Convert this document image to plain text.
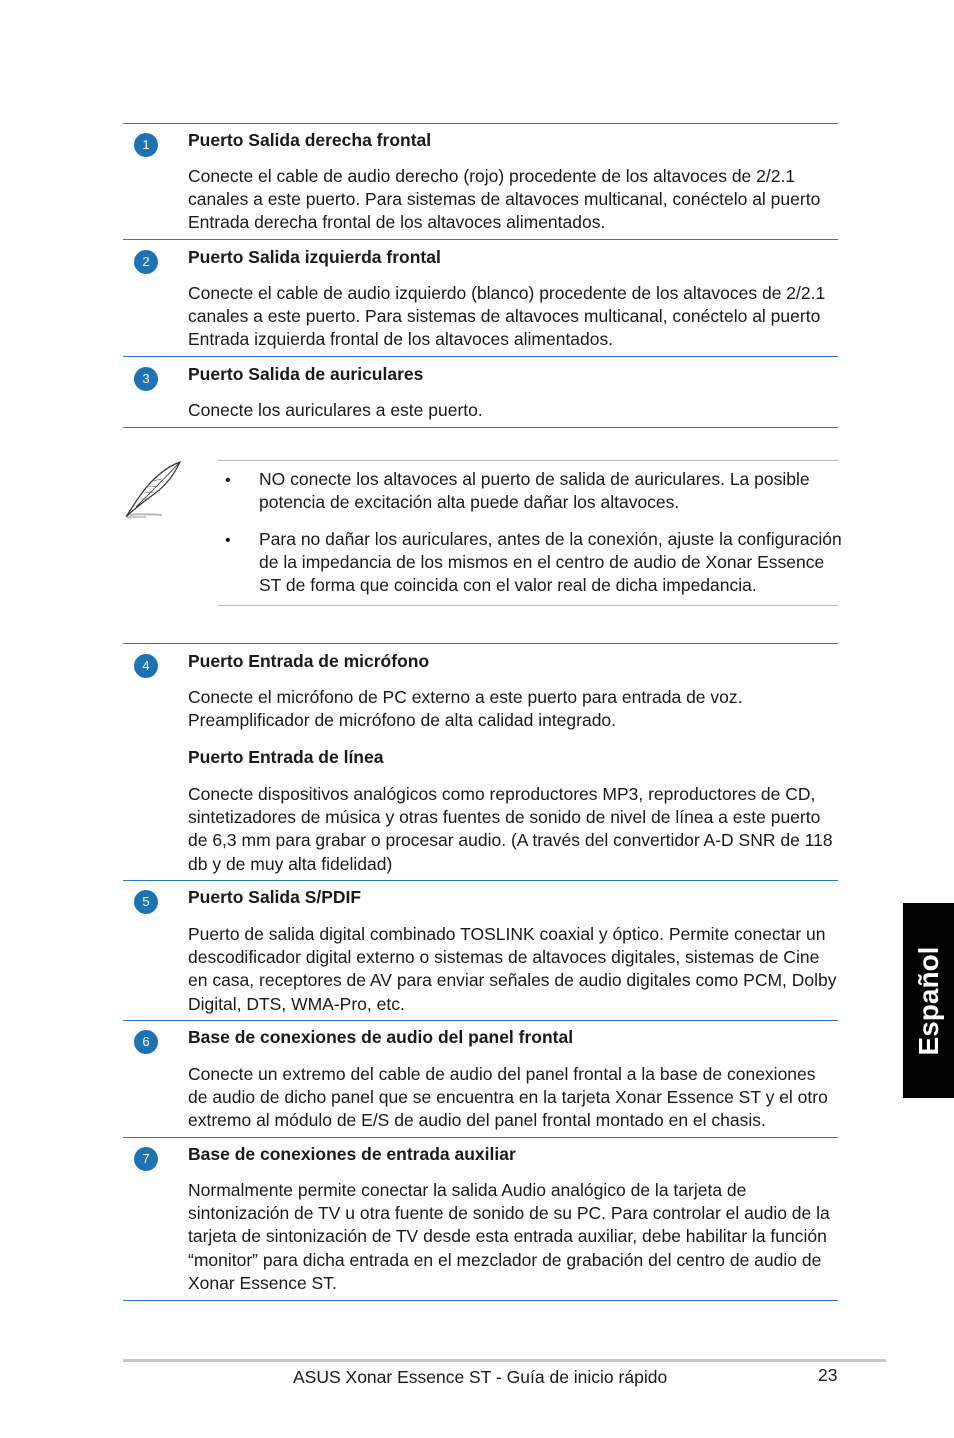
1	Puerto Salida derecha frontal
Conecte el cable de audio derecho (rojo) procedente de los altavoces de 2/2.1 canales a este puerto. Para sistemas de altavoces multicanal, conéctelo al puerto Entrada derecha frontal de los altavoces alimentados.
2	Puerto Salida izquierda frontal
Conecte el cable de audio izquierdo (blanco) procedente de los altavoces de 2/2.1 canales a este puerto. Para sistemas de altavoces multicanal, conéctelo al puerto Entrada izquierda frontal de los altavoces alimentados.
3	Puerto Salida de auriculares
Conecte los auriculares a este puerto.
• NO conecte los altavoces al puerto de salida de auriculares. La posible potencia de excitación alta puede dañar los altavoces.
• Para no dañar los auriculares, antes de la conexión, ajuste la configuración de la impedancia de los mismos en el centro de audio de Xonar Essence ST de forma que coincida con el valor real de dicha impedancia.
4	Puerto Entrada de micrófono
Conecte el micrófono de PC externo a este puerto para entrada de voz. Preamplificador de micrófono de alta calidad integrado.
Puerto Entrada de línea
Conecte dispositivos analógicos como reproductores MP3, reproductores de CD, sintetizadores de música y otras fuentes de sonido de nivel de línea a este puerto de 6,3 mm para grabar o procesar audio. (A través del convertidor A-D SNR de 118 db y de muy alta fidelidad)
5	Puerto Salida S/PDIF
Puerto de salida digital combinado TOSLINK coaxial y óptico. Permite conectar un descodificador digital externo o sistemas de altavoces digitales, sistemas de Cine en casa, receptores de AV para enviar señales de audio digitales como PCM, Dolby Digital, DTS, WMA-Pro, etc.
6	Base de conexiones de audio del panel frontal
Conecte un extremo del cable de audio del panel frontal a la base de conexiones de audio de dicho panel que se encuentra en la tarjeta Xonar Essence ST y el otro extremo al módulo de E/S de audio del panel frontal montado en el chasis.
7	Base de conexiones de entrada auxiliar
Normalmente permite conectar la salida Audio analógico de la tarjeta de sintonización de TV u otra fuente de sonido de su PC. Para controlar el audio de la tarjeta de sintonización de TV desde esta entrada auxiliar, debe habilitar la función “monitor” para dicha entrada en el mezclador de grabación del centro de audio de Xonar Essence ST.
Español
ASUS Xonar Essence ST - Guía de inicio rápido	23
